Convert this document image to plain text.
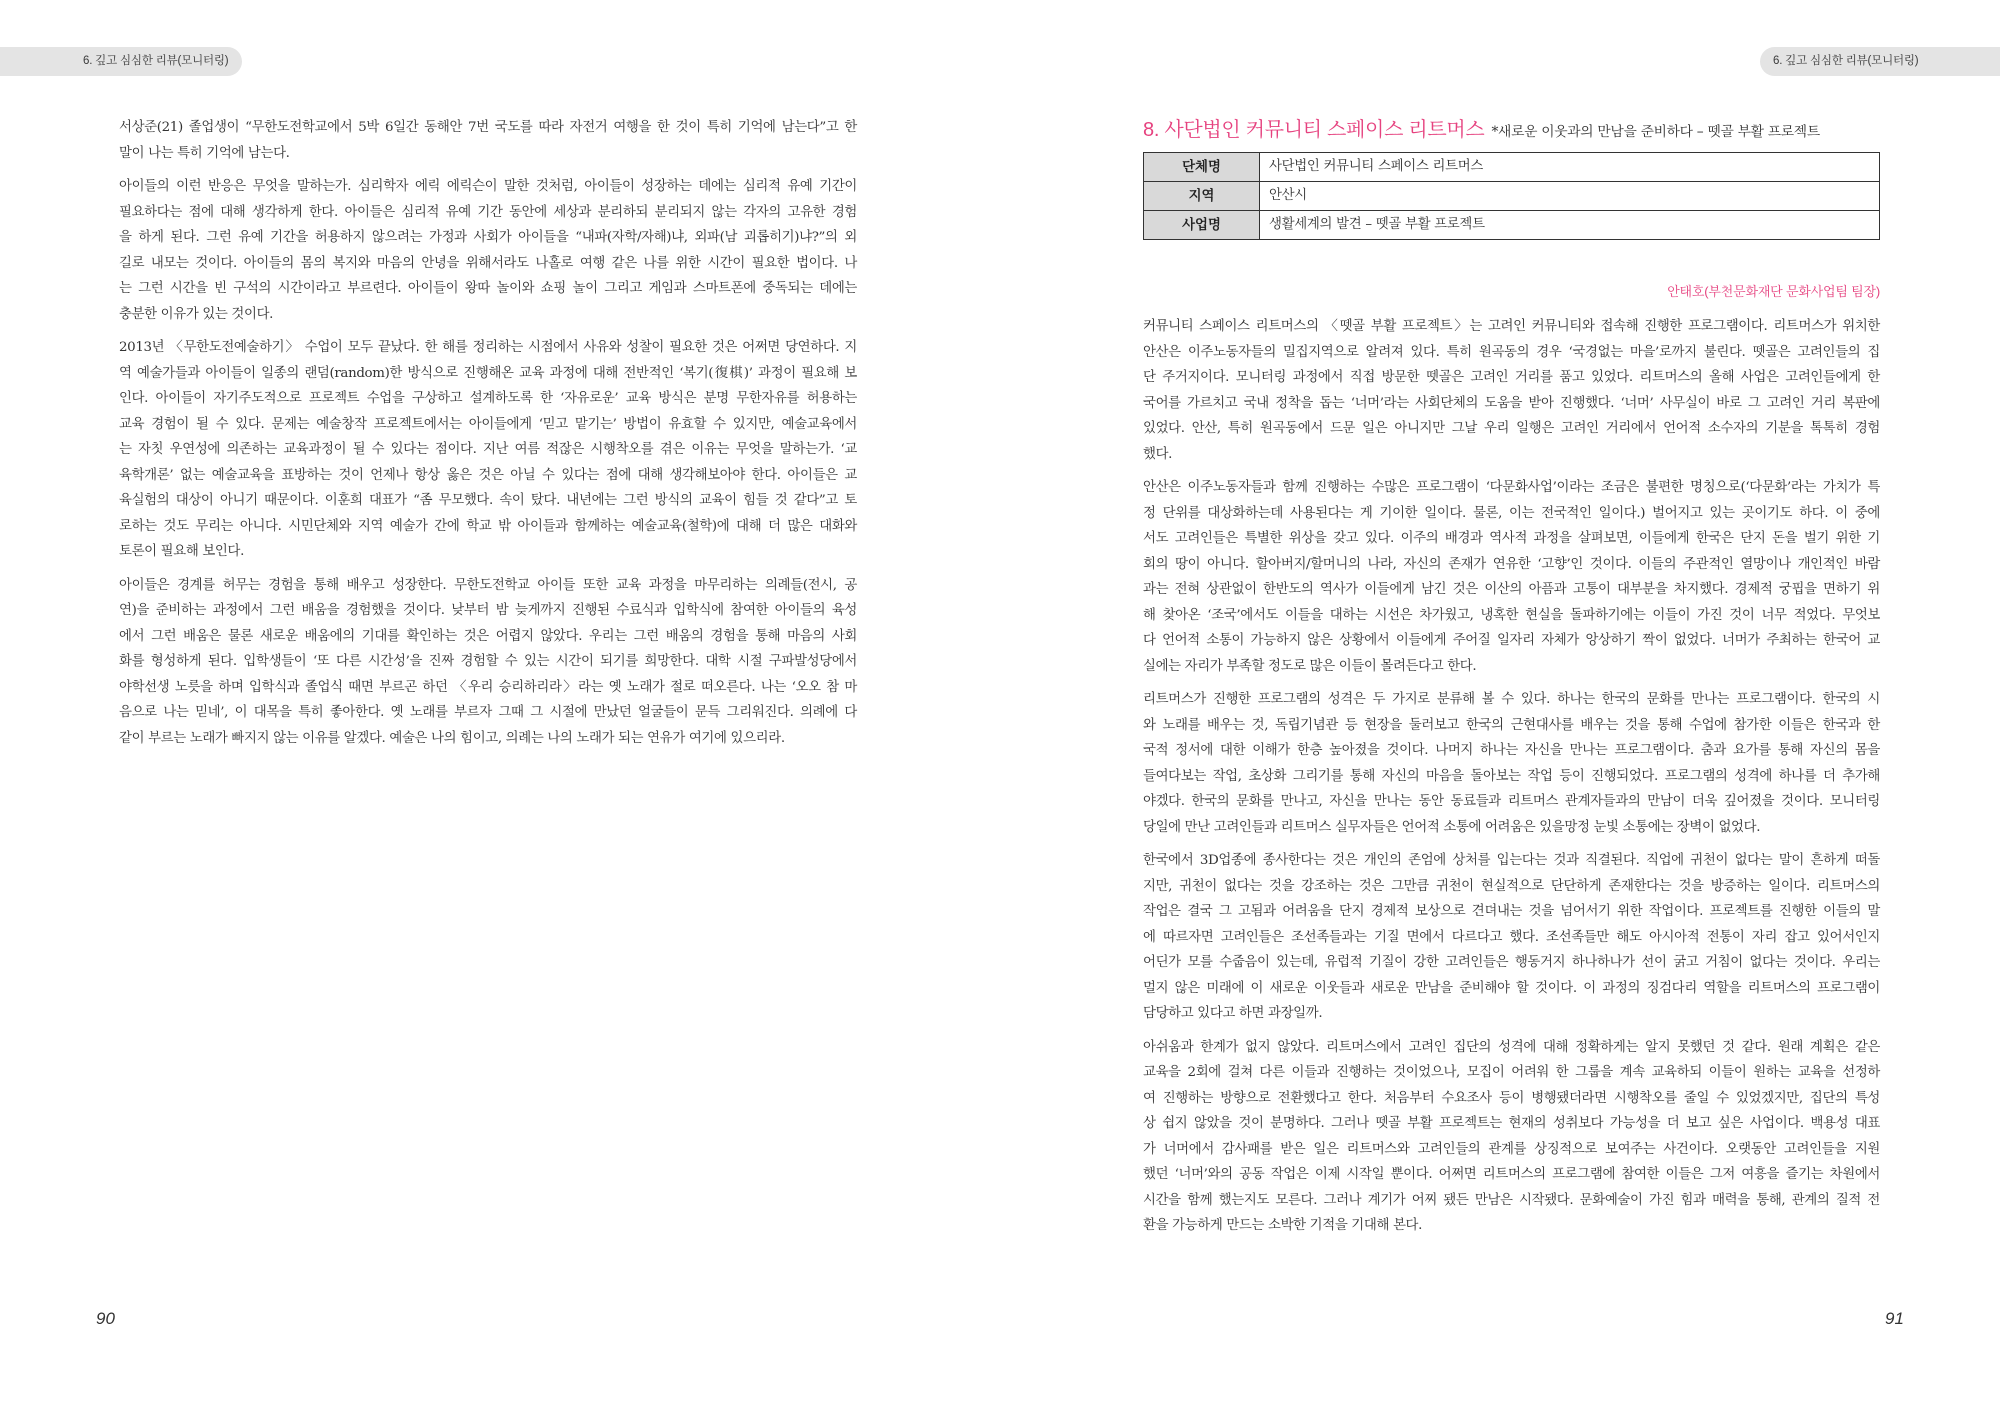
6. 깊고 심심한 리뷰(모니터링)
서상준(21) 졸업생이 “무한도전학교에서 5박 6일간 동해안 7번 국도를 따라 자전거 여행을 한 것이 특히 기억에 남는다”고 한
말이 나는 특히 기억에 남는다.
아이들의 이런 반응은 무엇을 말하는가. 심리학자 에릭 에릭슨이 말한 것처럼, 아이들이 성장하는 데에는 심리적 유예 기간이
필요하다는 점에 대해 생각하게 한다. 아이들은 심리적 유예 기간 동안에 세상과 분리하되 분리되지 않는 각자의 고유한 경험
을 하게 된다. 그런 유예 기간을 허용하지 않으려는 가정과 사회가 아이들을 “내파(자학/자해)냐, 외파(남 괴롭히기)냐?”의 외
길로 내모는 것이다. 아이들의 몸의 복지와 마음의 안녕을 위해서라도 나홀로 여행 같은 나를 위한 시간이 필요한 법이다. 나
는 그런 시간을 빈 구석의 시간이라고 부르련다. 아이들이 왕따 놀이와 쇼핑 놀이 그리고 게임과 스마트폰에 중독되는 데에는
충분한 이유가 있는 것이다.
2013년 〈무한도전예술하기〉 수업이 모두 끝났다. 한 해를 정리하는 시점에서 사유와 성찰이 필요한 것은 어쩌면 당연하다. 지
역 예술가들과 아이들이 일종의 랜덤(random)한 방식으로 진행해온 교육 과정에 대해 전반적인 ‘복기(復棋)’ 과정이 필요해 보
인다. 아이들이 자기주도적으로 프로젝트 수업을 구상하고 설계하도록 한 ‘자유로운’ 교육 방식은 분명 무한자유를 허용하는
교육 경험이 될 수 있다. 문제는 예술창작 프로젝트에서는 아이들에게 ‘믿고 맡기는’ 방법이 유효할 수 있지만, 예술교육에서
는 자칫 우연성에 의존하는 교육과정이 될 수 있다는 점이다. 지난 여름 적잖은 시행착오를 겪은 이유는 무엇을 말하는가. ‘교
육학개론’ 없는 예술교육을 표방하는 것이 언제나 항상 옳은 것은 아닐 수 있다는 점에 대해 생각해보아야 한다. 아이들은 교
육실험의 대상이 아니기 때문이다. 이훈희 대표가 “좀 무모했다. 속이 탔다. 내년에는 그런 방식의 교육이 힘들 것 같다”고 토
로하는 것도 무리는 아니다. 시민단체와 지역 예술가 간에 학교 밖 아이들과 함께하는 예술교육(철학)에 대해 더 많은 대화와
토론이 필요해 보인다.
아이들은 경계를 허무는 경험을 통해 배우고 성장한다. 무한도전학교 아이들 또한 교육 과정을 마무리하는 의례들(전시, 공
연)을 준비하는 과정에서 그런 배움을 경험했을 것이다. 낮부터 밤 늦게까지 진행된 수료식과 입학식에 참여한 아이들의 육성
에서 그런 배움은 물론 새로운 배움에의 기대를 확인하는 것은 어렵지 않았다. 우리는 그런 배움의 경험을 통해 마음의 사회
화를 형성하게 된다. 입학생들이 ‘또 다른 시간성’을 진짜 경험할 수 있는 시간이 되기를 희망한다. 대학 시절 구파발성당에서
야학선생 노릇을 하며 입학식과 졸업식 때면 부르곤 하던 〈우리 승리하리라〉라는 옛 노래가 절로 떠오른다. 나는 ‘오오 참 마
음으로 나는 믿네’, 이 대목을 특히 좋아한다. 옛 노래를 부르자 그때 그 시절에 만났던 얼굴들이 문득 그리워진다. 의례에 다
같이 부르는 노래가 빠지지 않는 이유를 알겠다. 예술은 나의 힘이고, 의례는 나의 노래가 되는 연유가 여기에 있으리라.
90
6. 깊고 심심한 리뷰(모니터링)
8. 사단법인 커뮤니티 스페이스 리트머스 *새로운 이웃과의 만남을 준비하다 – 뗏골 부활 프로젝트
단체명	사단법인 커뮤니티 스페이스 리트머스
지역	안산시
사업명	생활세계의 발견 – 뗏골 부활 프로젝트
안태호(부천문화재단 문화사업팀 팀장)
커뮤니티 스페이스 리트머스의 〈뗏골 부활 프로젝트〉는 고려인 커뮤니티와 접속해 진행한 프로그램이다. 리트머스가 위치한
안산은 이주노동자들의 밀집지역으로 알려져 있다. 특히 원곡동의 경우 ‘국경없는 마을’로까지 불린다. 뗏골은 고려인들의 집
단 주거지이다. 모니터링 과정에서 직접 방문한 뗏골은 고려인 거리를 품고 있었다. 리트머스의 올해 사업은 고려인들에게 한
국어를 가르치고 국내 정착을 돕는 ‘너머’라는 사회단체의 도움을 받아 진행했다. ‘너머’ 사무실이 바로 그 고려인 거리 복판에
있었다. 안산, 특히 원곡동에서 드문 일은 아니지만 그날 우리 일행은 고려인 거리에서 언어적 소수자의 기분을 톡톡히 경험
했다.
안산은 이주노동자들과 함께 진행하는 수많은 프로그램이 ‘다문화사업’이라는 조금은 불편한 명칭으로(‘다문화’라는 가치가 특
정 단위를 대상화하는데 사용된다는 게 기이한 일이다. 물론, 이는 전국적인 일이다.) 벌어지고 있는 곳이기도 하다. 이 중에
서도 고려인들은 특별한 위상을 갖고 있다. 이주의 배경과 역사적 과정을 살펴보면, 이들에게 한국은 단지 돈을 벌기 위한 기
회의 땅이 아니다. 할아버지/할머니의 나라, 자신의 존재가 연유한 ‘고향’인 것이다. 이들의 주관적인 열망이나 개인적인 바람
과는 전혀 상관없이 한반도의 역사가 이들에게 남긴 것은 이산의 아픔과 고통이 대부분을 차지했다. 경제적 궁핍을 면하기 위
해 찾아온 ‘조국’에서도 이들을 대하는 시선은 차가웠고, 냉혹한 현실을 돌파하기에는 이들이 가진 것이 너무 적었다. 무엇보
다 언어적 소통이 가능하지 않은 상황에서 이들에게 주어질 일자리 자체가 앙상하기 짝이 없었다. 너머가 주최하는 한국어 교
실에는 자리가 부족할 정도로 많은 이들이 몰려든다고 한다.
리트머스가 진행한 프로그램의 성격은 두 가지로 분류해 볼 수 있다. 하나는 한국의 문화를 만나는 프로그램이다. 한국의 시
와 노래를 배우는 것, 독립기념관 등 현장을 둘러보고 한국의 근현대사를 배우는 것을 통해 수업에 참가한 이들은 한국과 한
국적 정서에 대한 이해가 한층 높아졌을 것이다. 나머지 하나는 자신을 만나는 프로그램이다. 춤과 요가를 통해 자신의 몸을
들여다보는 작업, 초상화 그리기를 통해 자신의 마음을 돌아보는 작업 등이 진행되었다. 프로그램의 성격에 하나를 더 추가해
야겠다. 한국의 문화를 만나고, 자신을 만나는 동안 동료들과 리트머스 관계자들과의 만남이 더욱 깊어졌을 것이다. 모니터링
당일에 만난 고려인들과 리트머스 실무자들은 언어적 소통에 어려움은 있을망정 눈빛 소통에는 장벽이 없었다.
한국에서 3D업종에 종사한다는 것은 개인의 존엄에 상처를 입는다는 것과 직결된다. 직업에 귀천이 없다는 말이 흔하게 떠돌
지만, 귀천이 없다는 것을 강조하는 것은 그만큼 귀천이 현실적으로 단단하게 존재한다는 것을 방증하는 일이다. 리트머스의
작업은 결국 그 고됨과 어려움을 단지 경제적 보상으로 견뎌내는 것을 넘어서기 위한 작업이다. 프로젝트를 진행한 이들의 말
에 따르자면 고려인들은 조선족들과는 기질 면에서 다르다고 했다. 조선족들만 해도 아시아적 전통이 자리 잡고 있어서인지
어딘가 모를 수줍음이 있는데, 유럽적 기질이 강한 고려인들은 행동거지 하나하나가 선이 굵고 거침이 없다는 것이다. 우리는
멀지 않은 미래에 이 새로운 이웃들과 새로운 만남을 준비해야 할 것이다. 이 과정의 징검다리 역할을 리트머스의 프로그램이
담당하고 있다고 하면 과장일까.
아쉬움과 한계가 없지 않았다. 리트머스에서 고려인 집단의 성격에 대해 정확하게는 알지 못했던 것 같다. 원래 계획은 같은
교육을 2회에 걸쳐 다른 이들과 진행하는 것이었으나, 모집이 어려워 한 그룹을 계속 교육하되 이들이 원하는 교육을 선정하
여 진행하는 방향으로 전환했다고 한다. 처음부터 수요조사 등이 병행됐더라면 시행착오를 줄일 수 있었겠지만, 집단의 특성
상 쉽지 않았을 것이 분명하다. 그러나 뗏골 부활 프로젝트는 현재의 성취보다 가능성을 더 보고 싶은 사업이다. 백용성 대표
가 너머에서 감사패를 받은 일은 리트머스와 고려인들의 관계를 상징적으로 보여주는 사건이다. 오랫동안 고려인들을 지원
했던 ‘너머’와의 공동 작업은 이제 시작일 뿐이다. 어쩌면 리트머스의 프로그램에 참여한 이들은 그저 여흥을 즐기는 차원에서
시간을 함께 했는지도 모른다. 그러나 계기가 어찌 됐든 만남은 시작됐다. 문화예술이 가진 힘과 매력을 통해, 관계의 질적 전
환을 가능하게 만드는 소박한 기적을 기대해 본다.
91
